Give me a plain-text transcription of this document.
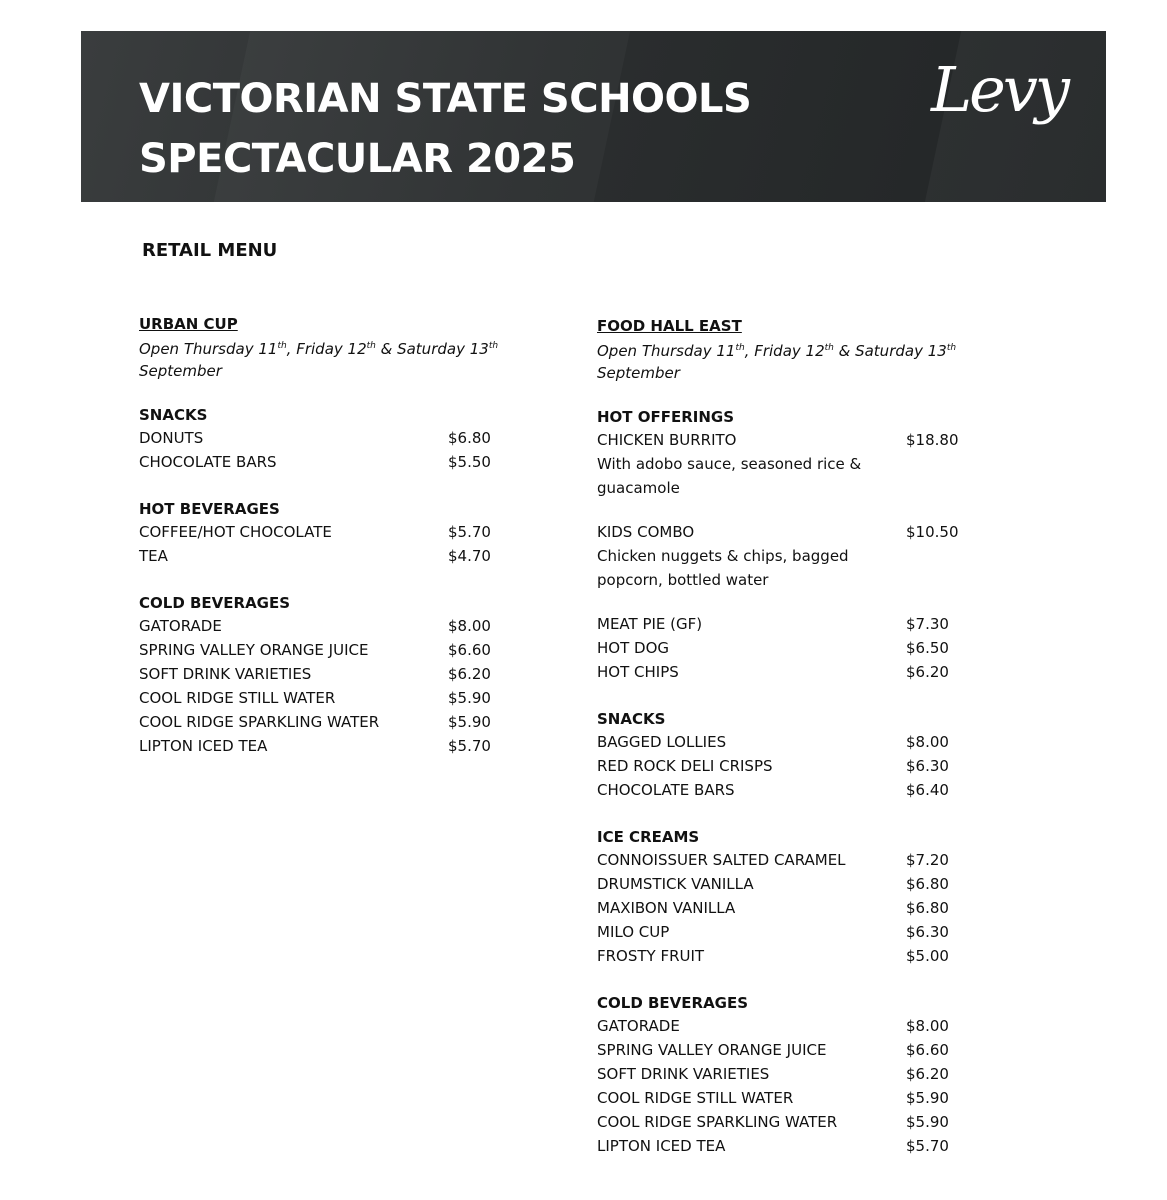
VICTORIAN STATE SCHOOLS
SPECTACULAR 2025
Levy
RETAIL MENU
URBAN CUP
Open Thursday 11th, Friday 12th & Saturday 13th September
SNACKS
DONUTS	$6.80
CHOCOLATE BARS	$5.50
HOT BEVERAGES
COFFEE/HOT CHOCOLATE	$5.70
TEA	$4.70
COLD BEVERAGES
GATORADE	$8.00
SPRING VALLEY ORANGE JUICE	$6.60
SOFT DRINK VARIETIES	$6.20
COOL RIDGE STILL WATER	$5.90
COOL RIDGE SPARKLING WATER	$5.90
LIPTON ICED TEA	$5.70
FOOD HALL EAST
Open Thursday 11th, Friday 12th & Saturday 13th September
HOT OFFERINGS
CHICKEN BURRITO	$18.80
With adobo sauce, seasoned rice & guacamole
KIDS COMBO	$10.50
Chicken nuggets & chips, bagged popcorn, bottled water
MEAT PIE (GF)	$7.30
HOT DOG	$6.50
HOT CHIPS	$6.20
SNACKS
BAGGED LOLLIES	$8.00
RED ROCK DELI CRISPS	$6.30
CHOCOLATE BARS	$6.40
ICE CREAMS
CONNOISSUER SALTED CARAMEL	$7.20
DRUMSTICK VANILLA	$6.80
MAXIBON VANILLA	$6.80
MILO CUP	$6.30
FROSTY FRUIT	$5.00
COLD BEVERAGES
GATORADE	$8.00
SPRING VALLEY ORANGE JUICE	$6.60
SOFT DRINK VARIETIES	$6.20
COOL RIDGE STILL WATER	$5.90
COOL RIDGE SPARKLING WATER	$5.90
LIPTON ICED TEA	$5.70
